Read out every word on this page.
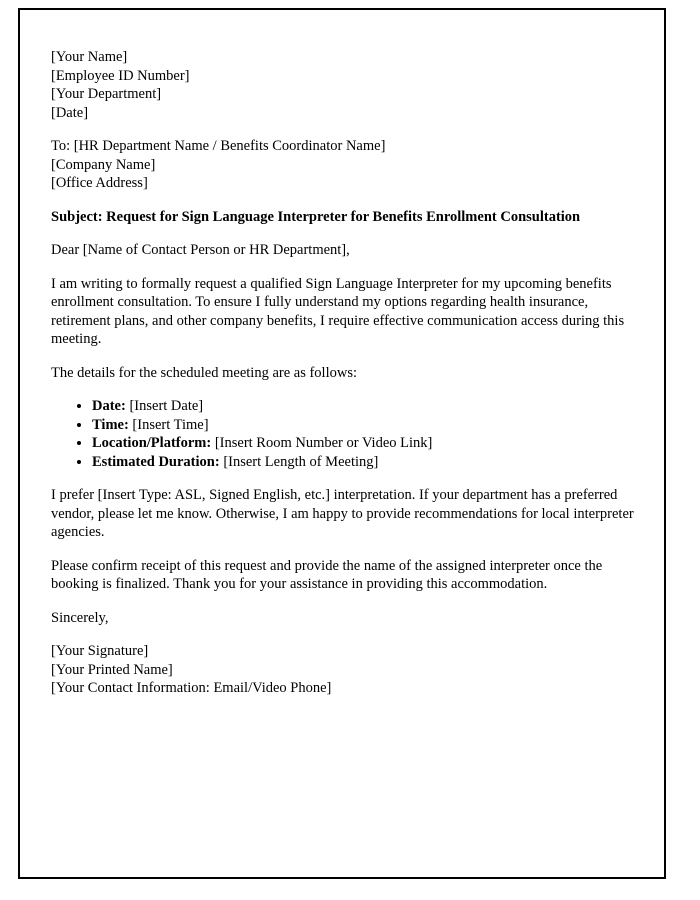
[Your Name]
[Employee ID Number]
[Your Department]
[Date]
To: [HR Department Name / Benefits Coordinator Name]
[Company Name]
[Office Address]
Subject: Request for Sign Language Interpreter for Benefits Enrollment Consultation
Dear [Name of Contact Person or HR Department],
I am writing to formally request a qualified Sign Language Interpreter for my upcoming benefits enrollment consultation. To ensure I fully understand my options regarding health insurance, retirement plans, and other company benefits, I require effective communication access during this meeting.
The details for the scheduled meeting are as follows:
• Date: [Insert Date]
• Time: [Insert Time]
• Location/Platform: [Insert Room Number or Video Link]
• Estimated Duration: [Insert Length of Meeting]
I prefer [Insert Type: ASL, Signed English, etc.] interpretation. If your department has a preferred vendor, please let me know. Otherwise, I am happy to provide recommendations for local interpreter agencies.
Please confirm receipt of this request and provide the name of the assigned interpreter once the booking is finalized. Thank you for your assistance in providing this accommodation.
Sincerely,
[Your Signature]
[Your Printed Name]
[Your Contact Information: Email/Video Phone]
